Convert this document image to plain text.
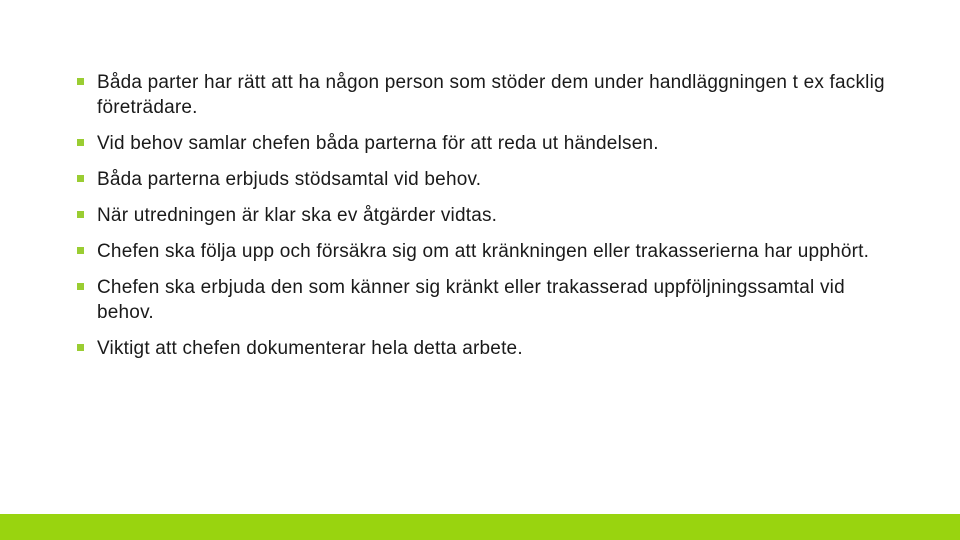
Båda parter har rätt att ha någon person som stöder dem under handläggningen t ex facklig företrädare.
Vid behov samlar chefen båda parterna för att reda ut händelsen.
Båda parterna erbjuds stödsamtal vid behov.
När utredningen är klar ska ev åtgärder vidtas.
Chefen ska följa upp och försäkra sig om att kränkningen eller trakasserierna har upphört.
Chefen ska erbjuda den som känner sig kränkt eller trakasserad uppföljningssamtal vid behov.
Viktigt att chefen dokumenterar hela detta arbete.
